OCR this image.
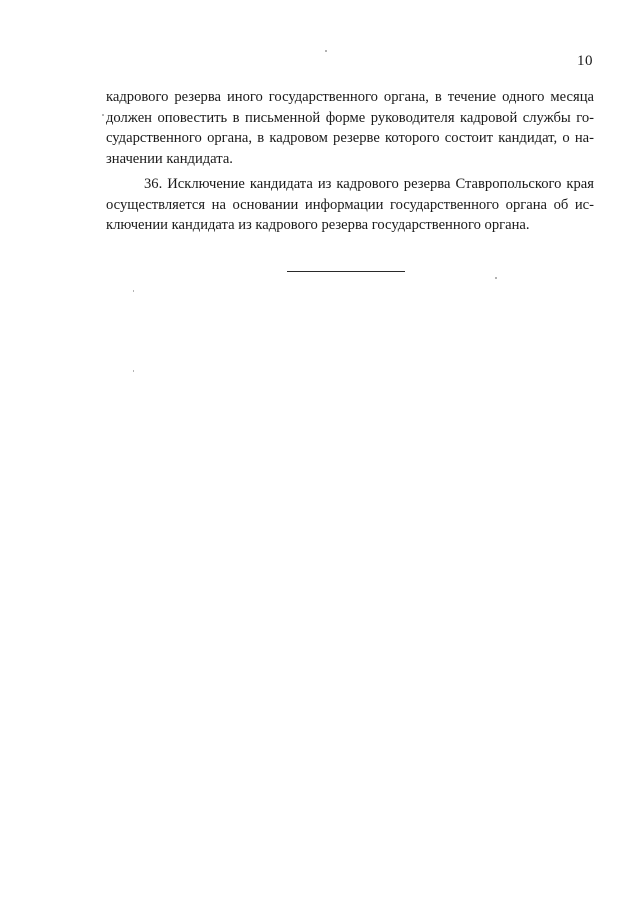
10
кадрового резерва иного государственного органа, в течение одного месяца
должен оповестить в письменной форме руководителя кадровой службы го-
сударственного органа, в кадровом резерве которого состоит кандидат, о на-
значении кандидата.
36. Исключение кандидата из кадрового резерва Ставропольского края
осуществляется на основании информации государственного органа об ис-
ключении кандидата из кадрового резерва государственного органа.
